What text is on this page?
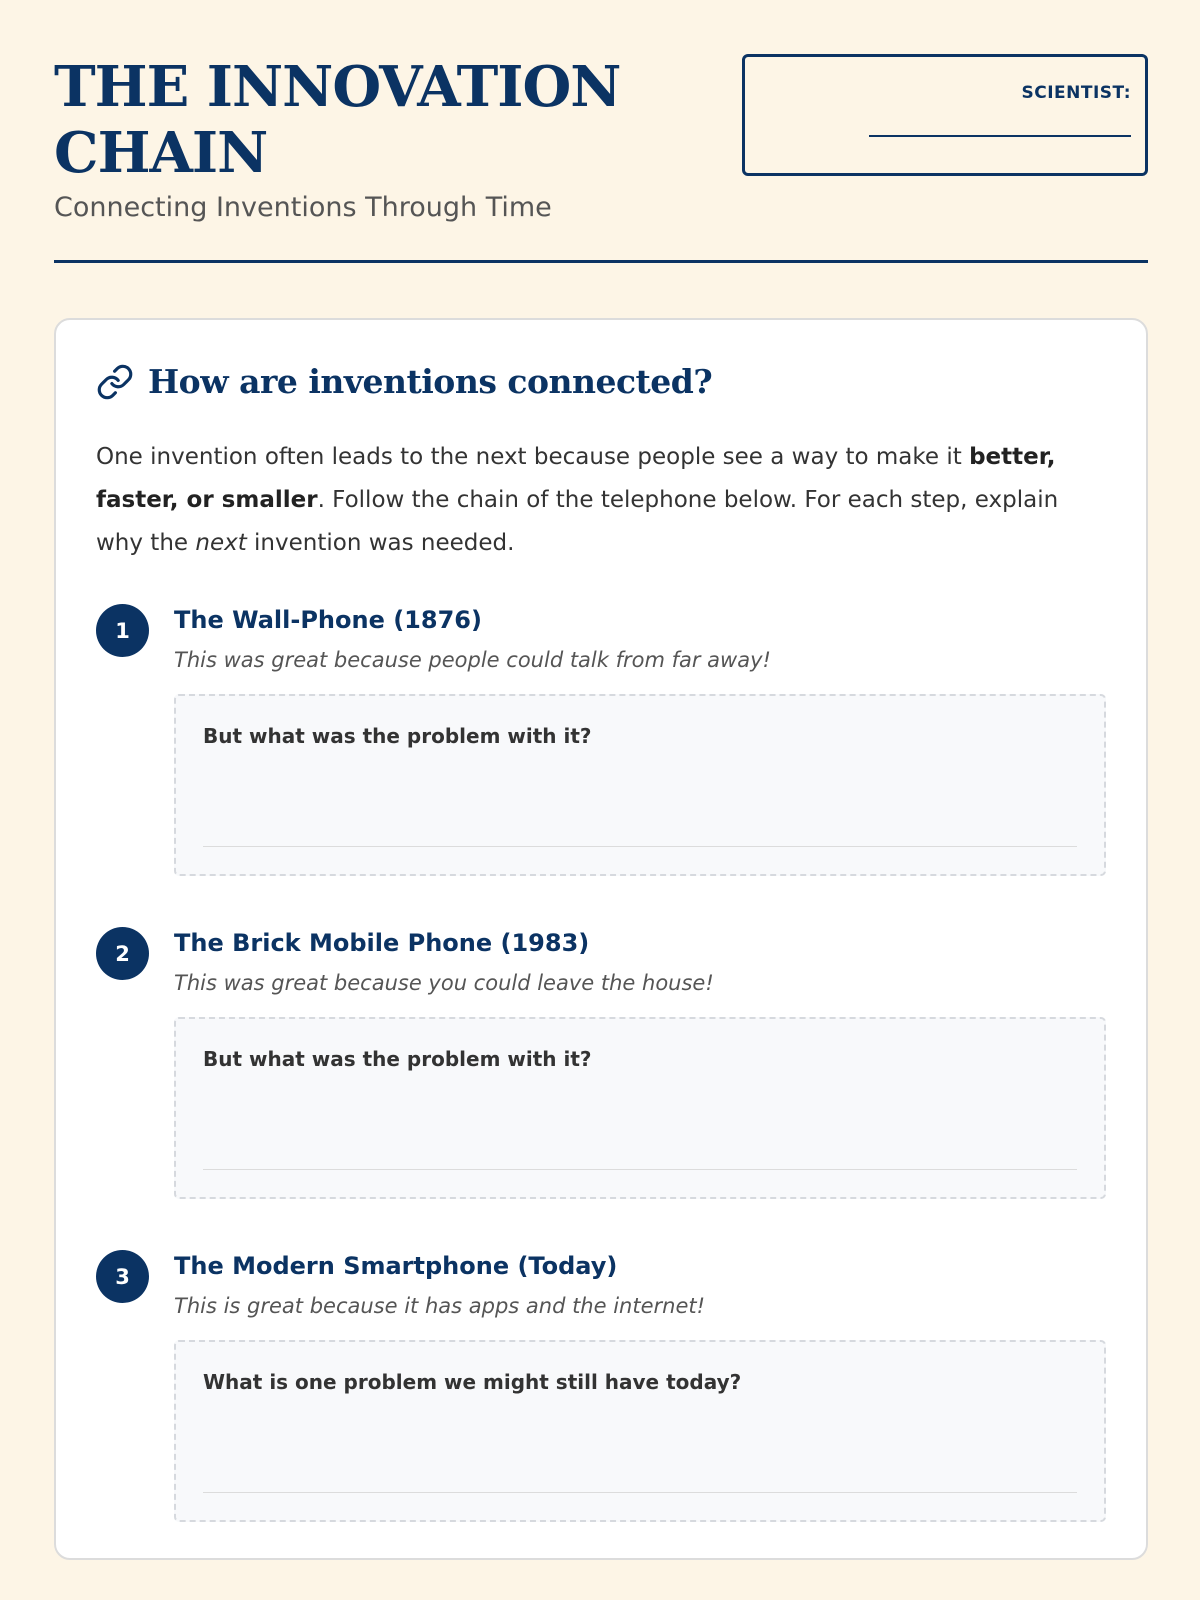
THE INNOVATION CHAIN
Connecting Inventions Through Time
SCIENTIST:
How are inventions connected?
One invention often leads to the next because people see a way to make it better, faster, or smaller. Follow the chain of the telephone below. For each step, explain why the next invention was needed.
1	The Wall-Phone (1876)
This was great because people could talk from far away!
But what was the problem with it?
2	The Brick Mobile Phone (1983)
This was great because you could leave the house!
But what was the problem with it?
3	The Modern Smartphone (Today)
This is great because it has apps and the internet!
What is one problem we might still have today?
